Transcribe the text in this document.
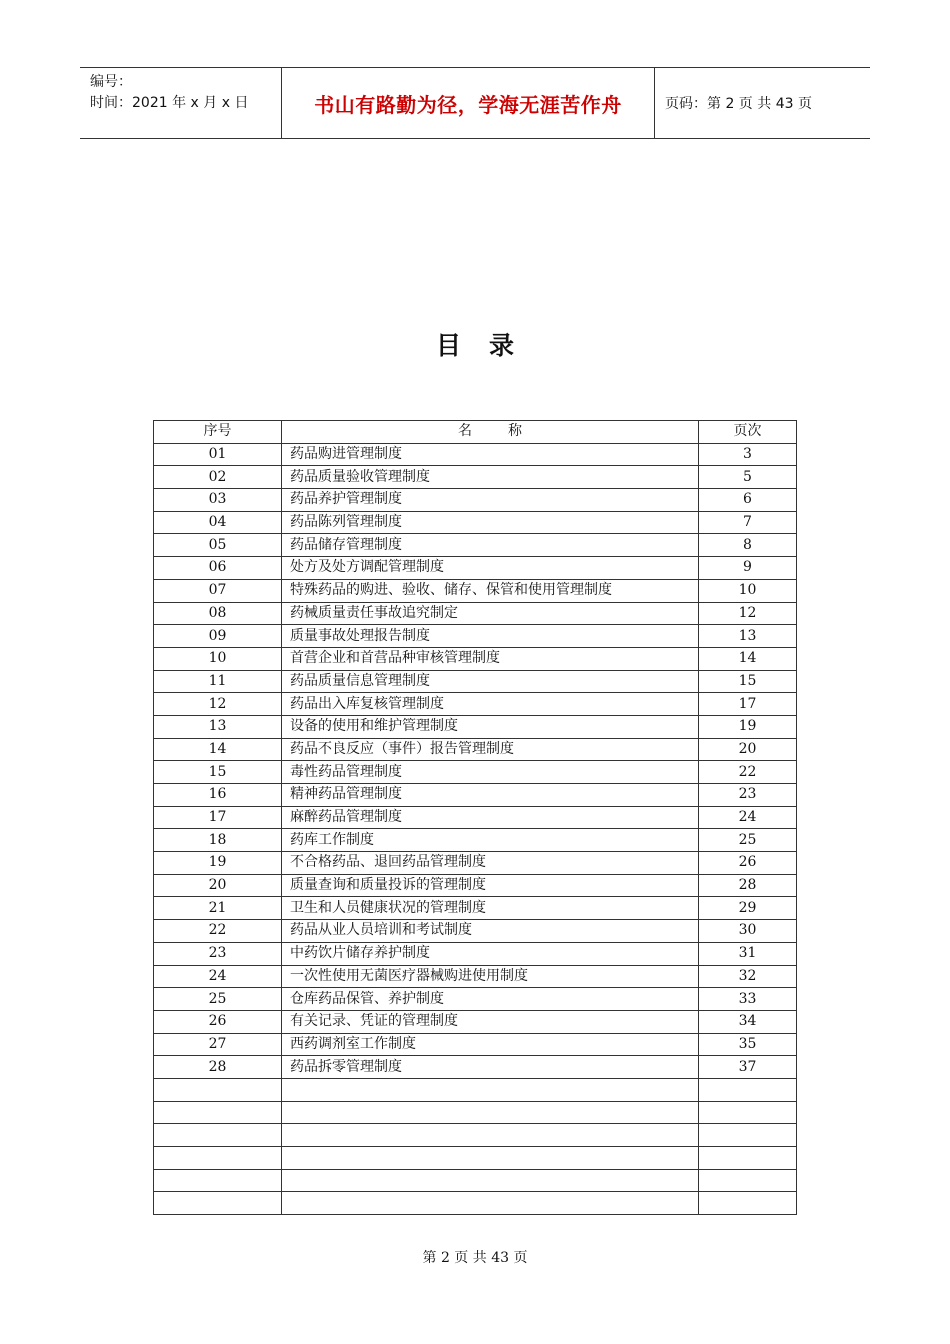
编号：
时间：2021 年 x 月 x 日	书山有路勤为径，学海无涯苦作舟	页码：第 2 页 共 43 页
目 录
序号	名 称	页次
01	药品购进管理制度	3
02	药品质量验收管理制度	5
03	药品养护管理制度	6
04	药品陈列管理制度	7
05	药品储存管理制度	8
06	处方及处方调配管理制度	9
07	特殊药品的购进、验收、储存、保管和使用管理制度	10
08	药械质量责任事故追究制定	12
09	质量事故处理报告制度	13
10	首营企业和首营品种审核管理制度	14
11	药品质量信息管理制度	15
12	药品出入库复核管理制度	17
13	设备的使用和维护管理制度	19
14	药品不良反应（事件）报告管理制度	20
15	毒性药品管理制度	22
16	精神药品管理制度	23
17	麻醉药品管理制度	24
18	药库工作制度	25
19	不合格药品、退回药品管理制度	26
20	质量查询和质量投诉的管理制度	28
21	卫生和人员健康状况的管理制度	29
22	药品从业人员培训和考试制度	30
23	中药饮片储存养护制度	31
24	一次性使用无菌医疗器械购进使用制度	32
25	仓库药品保管、养护制度	33
26	有关记录、凭证的管理制度	34
27	西药调剂室工作制度	35
28	药品拆零管理制度	37

第 2 页 共 43 页
